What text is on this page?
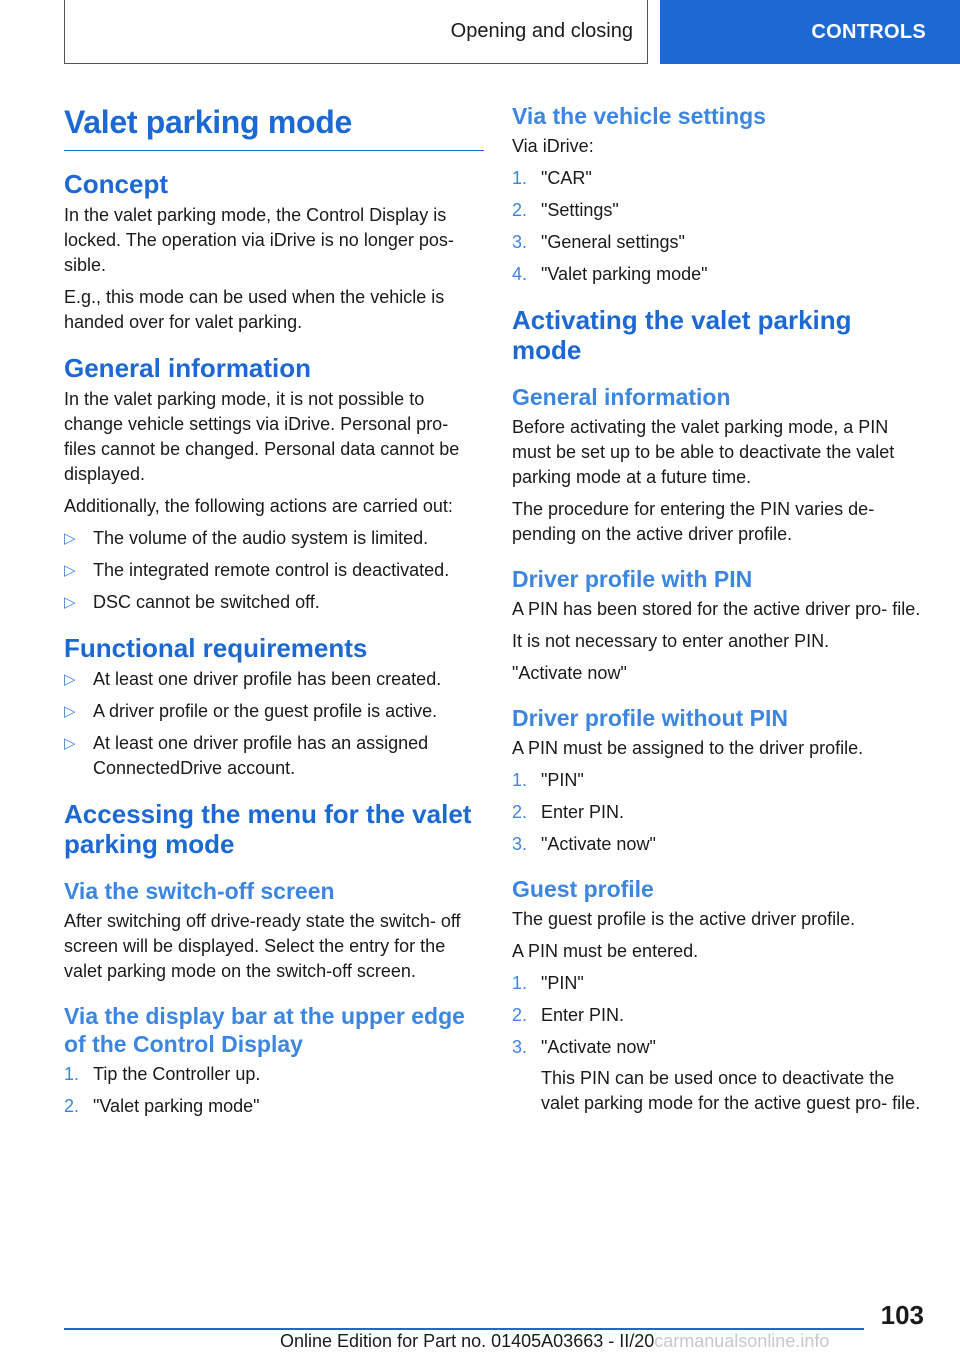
Opening and closing	CONTROLS
Valet parking mode
Concept

In the valet parking mode, the Control Display is locked. The operation via iDrive is no longer pos‐ sible.

E.g., this mode can be used when the vehicle is handed over for valet parking.

General information

In the valet parking mode, it is not possible to change vehicle settings via iDrive. Personal pro‐ files cannot be changed. Personal data cannot be displayed.

Additionally, the following actions are carried out:

▷ The volume of the audio system is limited.
▷ The integrated remote control is deactivated.
▷ DSC cannot be switched off.
Functional requirements
▷ At least one driver profile has been created.
▷ A driver profile or the guest profile is active.
▷ At least one driver profile has an assigned ConnectedDrive account.
Accessing the menu for the valet parking mode
Via the switch-off screen

After switching off drive-ready state the switch- off screen will be displayed. Select the entry for the valet parking mode on the switch-off screen.

Via the display bar at the upper edge of the Control Display
1. Tip the Controller up.
2. "Valet parking mode"
Via the vehicle settings

Via iDrive:

1. "CAR"
2. "Settings"
3. "General settings"
4. "Valet parking mode"
Activating the valet parking mode
General information

Before activating the valet parking mode, a PIN must be set up to be able to deactivate the valet parking mode at a future time.

The procedure for entering the PIN varies de‐ pending on the active driver profile.

Driver profile with PIN

A PIN has been stored for the active driver pro‐ file.

It is not necessary to enter another PIN.

"Activate now"

Driver profile without PIN

A PIN must be assigned to the driver profile.

1. "PIN"
2. Enter PIN.
3. "Activate now"
Guest profile

The guest profile is the active driver profile.

A PIN must be entered.

1. "PIN"
2. Enter PIN.
3. "Activate now"
This PIN can be used once to deactivate the valet parking mode for the active guest pro‐ file.
103
Online Edition for Part no. 01405A03663 - II/20carmanualsonline.info
